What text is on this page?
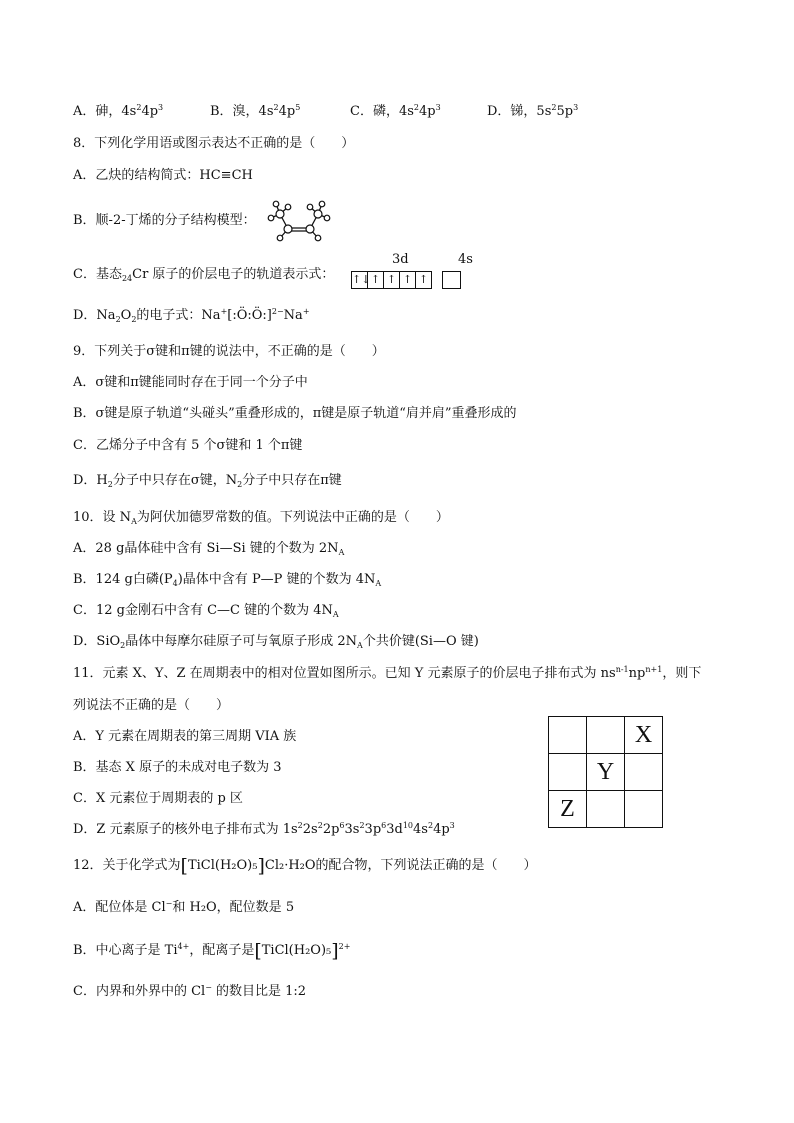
A．砷，$4s^24p^3$	B．溴，$4s^24p^5$	C．磷，$4s^24p^3$	D．锑，$5s^25p^3$
8．下列化学用语或图示表达不正确的是（　　）
A．乙炔的结构简式：HC≡CH
B．顺-2-丁烯的分子结构模型：
C．基态$_{24}$Cr 原子的价层电子的轨道表示式：
3d	4s
↑↓↑ ↑ ↑ ↑
D．$Na_2O_2$的电子式：Na+[:Ö:Ö:]$^{2-}$Na+
9．下列关于σ键和π键的说法中，不正确的是（　　）
A．σ键和π键能同时存在于同一个分子中
B．σ键是原子轨道“头碰头”重叠形成的，π键是原子轨道“肩并肩”重叠形成的
C．乙烯分子中含有 5 个σ键和 1 个π键
D．$H_2$分子中只存在σ键，$N_2$分子中只存在π键
10．设 $N_A$为阿伏加德罗常数的值。下列说法中正确的是（　　）
A．28 g晶体硅中含有 Si—Si 键的个数为 $2N_A$
B．124 g白磷$(P_4)$晶体中含有 P—P 键的个数为 $4N_A$
C．12 g金刚石中含有 C—C 键的个数为 $4N_A$
D．SiO$_2$晶体中每摩尔硅原子可与氧原子形成 $2N_A$个共价键(Si—O 键)
11．元素 X、Y、Z 在周期表中的相对位置如图所示。已知 Y 元素原子的价层电子排布式为 $ns^{n-1}np^{n+1}$，则下
列说法不正确的是（　　）
A．Y 元素在周期表的第三周期 VIA 族
B．基态 X 原子的未成对电子数为 3
C．X 元素位于周期表的 p 区
D．Z 元素原子的核外电子排布式为 $1s^22s^22p^63s^23p^63d^{10}4s^24p^3$
		X
	Y	
Z		
12．关于化学式为[TiCl(H₂O)₅]Cl₂·H₂O的配合物，下列说法正确的是（　　）
A．配位体是 Cl−和 H₂O，配位数是 5
B．中心离子是 $Ti^{4+}$，配离子是[TiCl(H₂O)₅]$^{2+}$
C．内界和外界中的 Cl− 的数目比是 1:2
